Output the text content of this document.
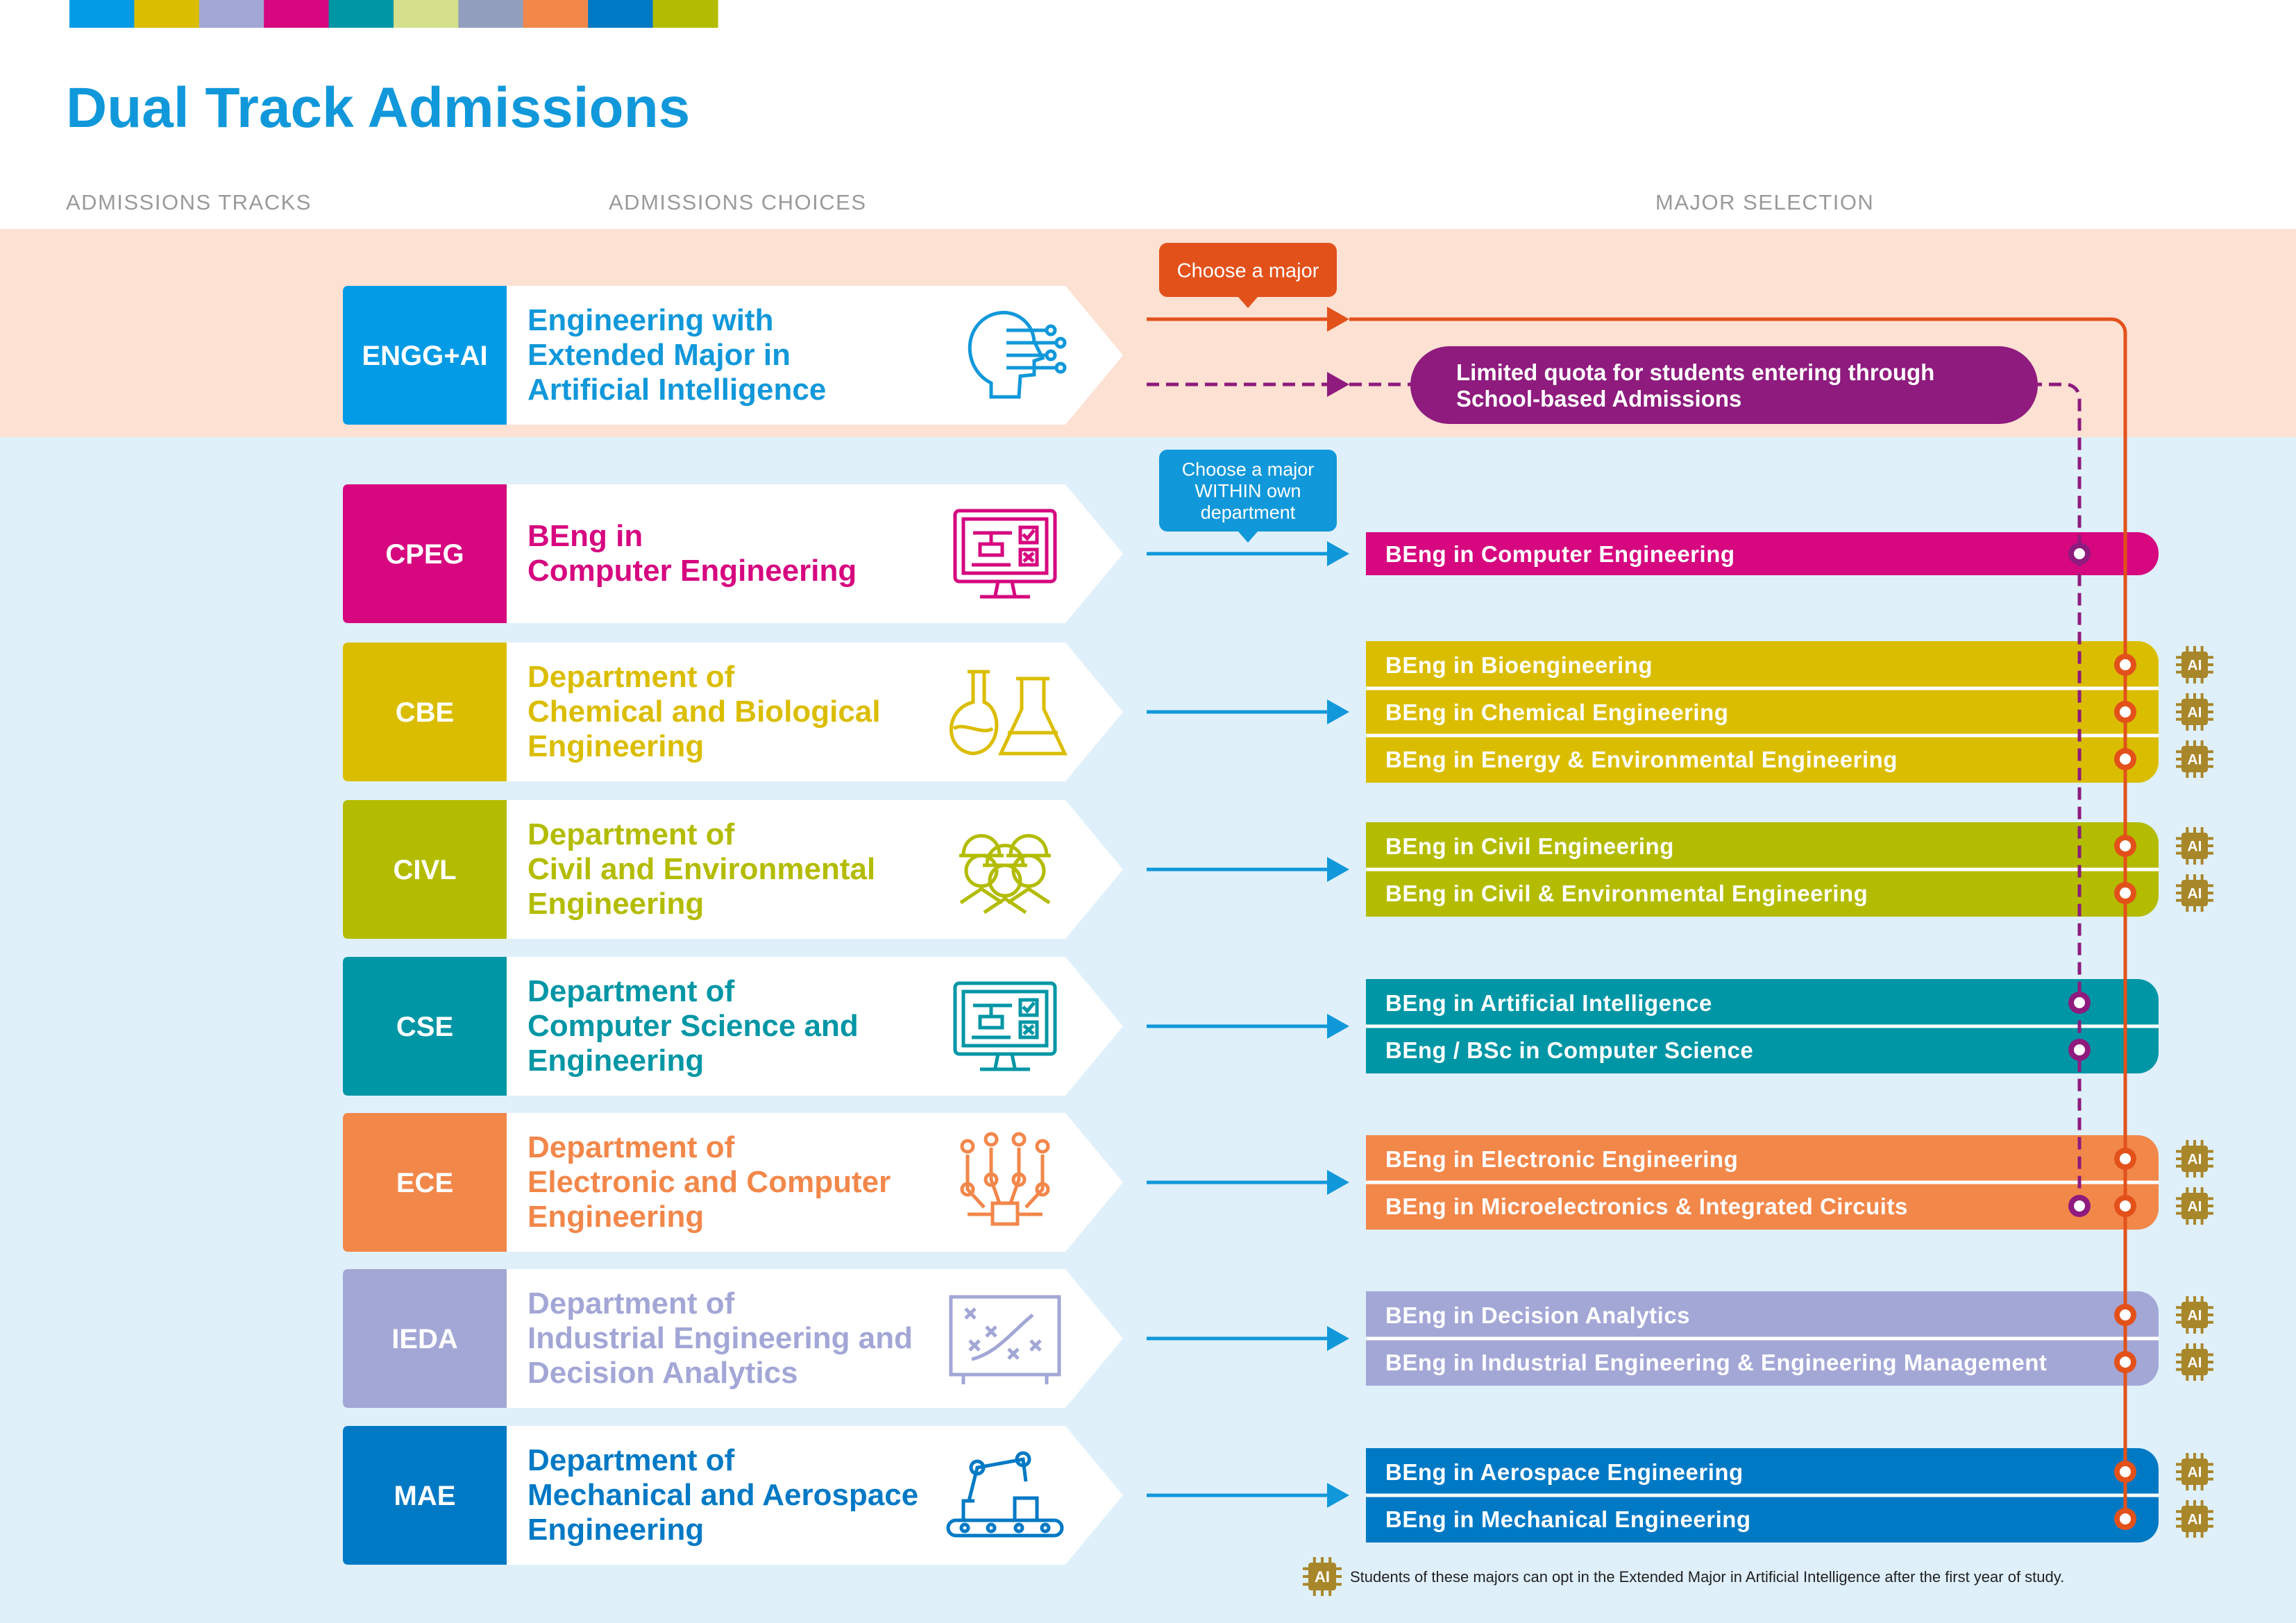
Dual Track Admissions
ADMISSIONS TRACKS	ADMISSIONS CHOICES	MAJOR SELECTION
ENGG+AI
Engineering with Extended Major in Artificial Intelligence
CPEG
BEng in Computer Engineering
CBE
Department of Chemical and Biological Engineering
CIVL
Department of Civil and Environmental Engineering
CSE
Department of Computer Science and Engineering
ECE
Department of Electronic and Computer Engineering
IEDA
Department of Industrial Engineering and Decision Analytics
MAE
Department of Mechanical and Aerospace Engineering
BEng in Computer Engineering
BEng in Bioengineering
BEng in Chemical Engineering
BEng in Energy & Environmental Engineering
BEng in Civil Engineering
BEng in Civil & Environmental Engineering
BEng in Artificial Intelligence
BEng / BSc in Computer Science
BEng in Electronic Engineering
BEng in Microelectronics & Integrated Circuits
BEng in Decision Analytics
BEng in Industrial Engineering & Engineering Management
BEng in Aerospace Engineering
BEng in Mechanical Engineering
AI
AI
AI
AI
AI
AI
AI
AI
AI
AI
AI
Choose a major
Choose a major WITHIN own department
Limited quota for students entering through School-based Admissions
AI Students of these majors can opt in the Extended Major in Artificial Intelligence after the first year of study.
